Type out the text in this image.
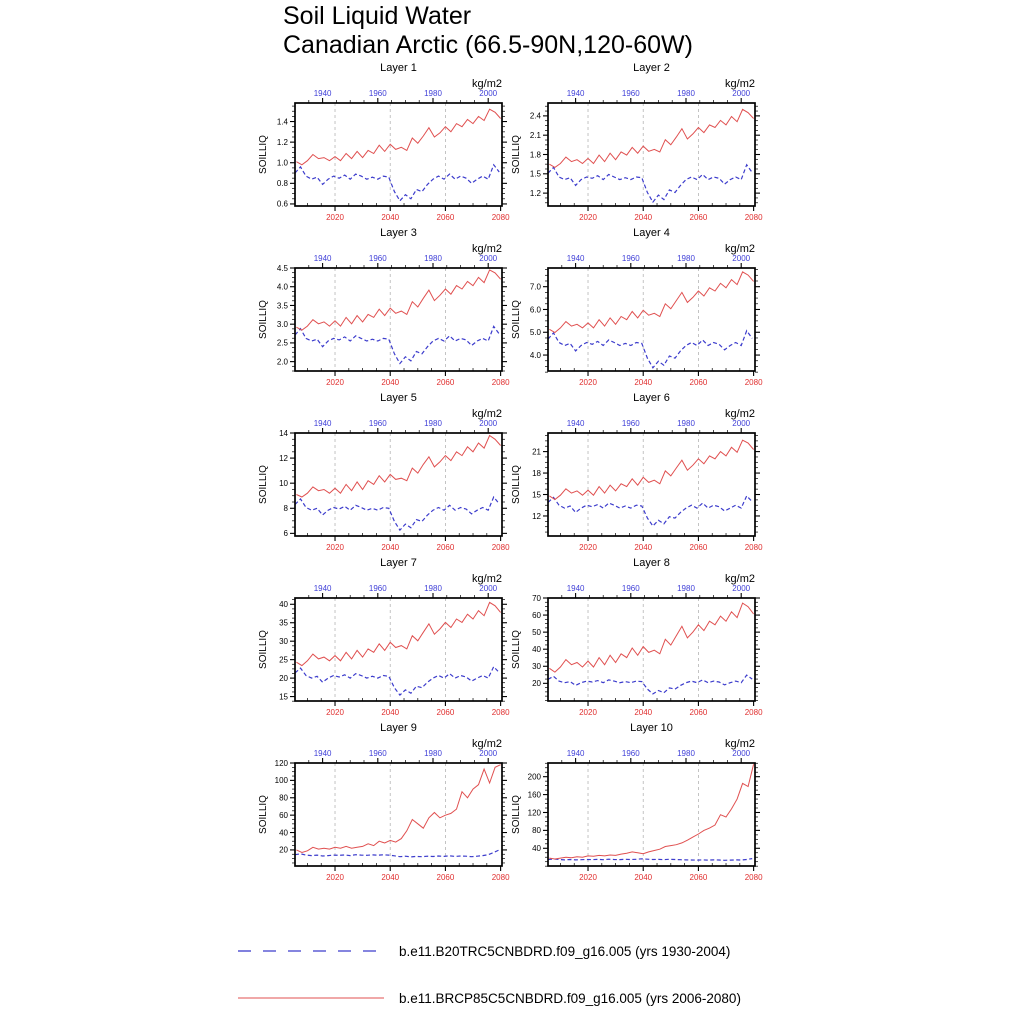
Soil Liquid Water
Canadian Arctic (66.5-90N,120-60W)
1940	1960	1980	2000
2020	2040	2060	2080
0.6
0.8
1.0
1.2
1.4
Layer 1
kg/m2
SOILLIQ
1940	1960	1980	2000
2020	2040	2060	2080
1.2
1.5
1.8
2.1
2.4
Layer 2
kg/m2
SOILLIQ
1940	1960	1980	2000
2020	2040	2060	2080
2.0
2.5
3.0
3.5
4.0
4.5
Layer 3
kg/m2
SOILLIQ
1940	1960	1980	2000
2020	2040	2060	2080
4.0
5.0
6.0
7.0
Layer 4
kg/m2
SOILLIQ
1940	1960	1980	2000
2020	2040	2060	2080
6
8
10
12
14
Layer 5
kg/m2
SOILLIQ
1940	1960	1980	2000
2020	2040	2060	2080
12
15
18
21
Layer 6
kg/m2
SOILLIQ
1940	1960	1980	2000
2020	2040	2060	2080
15
20
25
30
35
40
Layer 7
kg/m2
SOILLIQ
1940	1960	1980	2000
2020	2040	2060	2080
20
30
40
50
60
70
Layer 8
kg/m2
SOILLIQ
1940	1960	1980	2000
2020	2040	2060	2080
20
40
60
80
100
120
Layer 9
kg/m2
SOILLIQ
1940	1960	1980	2000
2020	2040	2060	2080
40
80
120
160
200
Layer 10
kg/m2
SOILLIQ
b.e11.B20TRC5CNBDRD.f09_g16.005 (yrs 1930-2004)
b.e11.BRCP85C5CNBDRD.f09_g16.005 (yrs 2006-2080)
